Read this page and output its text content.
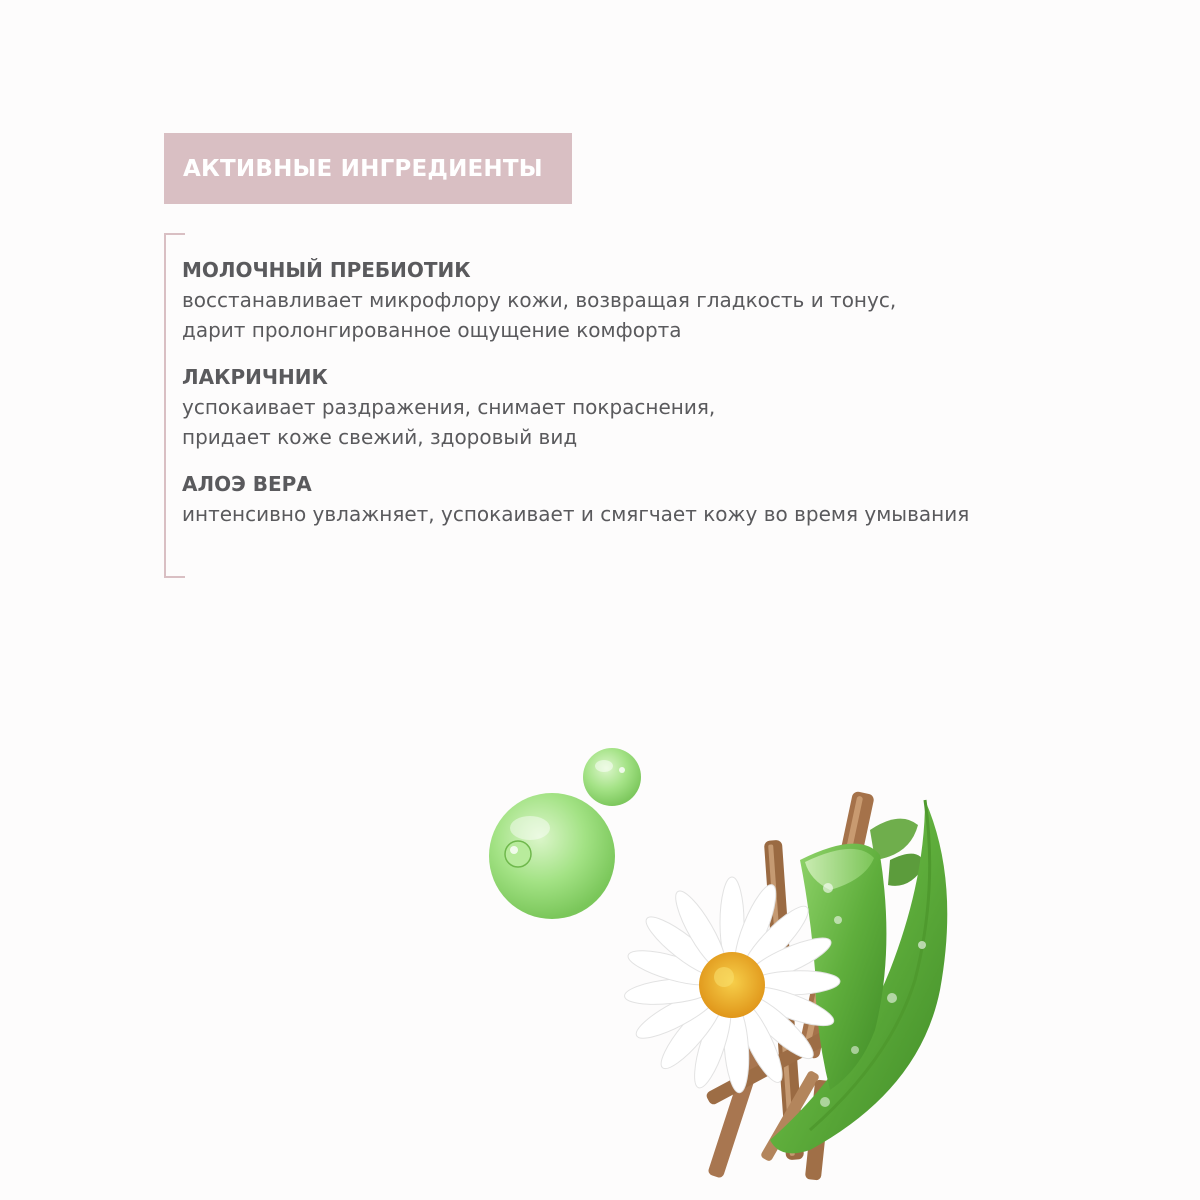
АКТИВНЫЕ ИНГРЕДИЕНТЫ
МОЛОЧНЫЙ ПРЕБИОТИК
восстанавливает микрофлору кожи, возвращая гладкость и тонус,
дарит пролонгированное ощущение комфорта
ЛАКРИЧНИК
успокаивает раздражения, снимает покраснения,
придает коже свежий, здоровый вид
АЛОЭ ВЕРА
интенсивно увлажняет, успокаивает и смягчает кожу во время умывания
